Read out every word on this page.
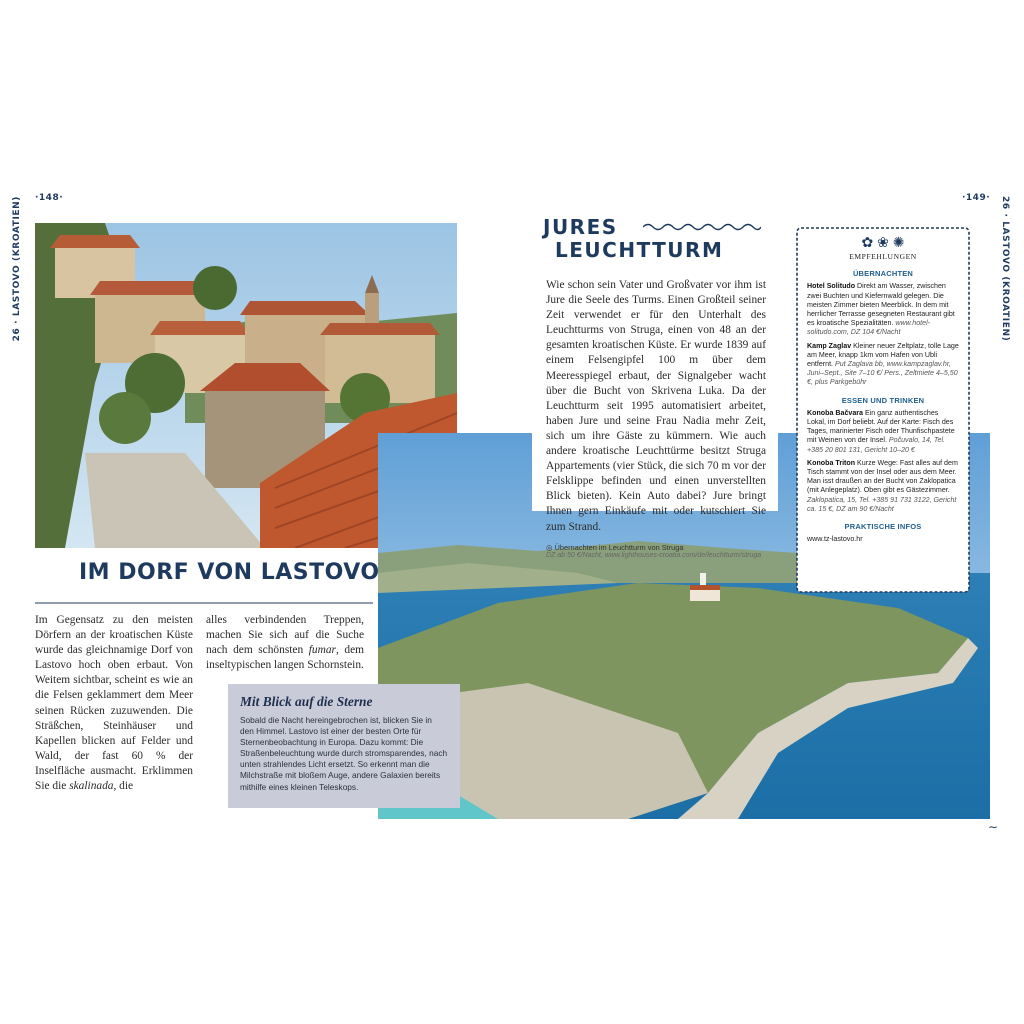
·148·	·149·
26 · LASTOVO (KROATIEN)	26 · LASTOVO (KROATIEN)
Wie schon sein Vater und Großvater vor ihm ist Jure die Seele des Turms. Einen Großteil seiner Zeit verwendet er für den Unterhalt des Leuchtturms von Struga, einen von 48 an der gesamten kroatischen Küste. Er wurde 1839 auf einem Felsengipfel 100 m über dem Meeresspiegel erbaut, der Signalgeber wacht über die Bucht von Skrivena Luka. Da der Leuchtturm seit 1995 automatisiert arbeitet, haben Jure und seine Frau Nadia mehr Zeit, sich um ihre Gäste zu kümmern. Wie auch andere kroatische Leuchttürme besitzt Struga Appartements (vier Stück, die sich 70 m vor der Felsklippe befinden und einen unverstellten Blick bieten). Kein Auto dabei? Jure bringt Ihnen gern Einkäufe mit oder kutschiert Sie zum Strand.
◎ Übernachten im Leuchtturm von Struga
DZ ab 50 €/Nacht, www.lighthouses-croatia.com/de/leuchtturm/struga
JURES
LEUCHTTURM
IM DORF VON LASTOVO
Im Gegensatz zu den meisten Dörfern an der kroatischen Küste wurde das gleichnamige Dorf von Lastovo hoch oben erbaut. Von Weitem sichtbar, scheint es wie an die Felsen geklammert dem Meer seinen Rücken zuzuwenden. Die Sträßchen, Steinhäuser und Kapellen blicken auf Felder und Wald, der fast 60 % der Inselfläche ausmacht. Erklimmen Sie die skalinada, die
alles verbindenden Treppen, machen Sie sich auf die Suche nach dem schönsten fumar, dem inseltypischen langen Schornstein.
Mit Blick auf die Sterne
Sobald die Nacht hereingebrochen ist, blicken Sie in den Himmel. Lastovo ist einer der besten Orte für Sternenbeobachtung in Europa. Dazu kommt: Die Straßenbeleuchtung wurde durch stromsparendes, nach unten strahlendes Licht ersetzt. So erkennt man die Milchstraße mit bloßem Auge, andere Galaxien bereits mithilfe eines kleinen Teleskops.
✿ ❀ ✺
EMPFEHLUNGEN
ÜBERNACHTEN
Hotel Solitudo Direkt am Wasser, zwischen zwei Buchten und Kiefernwald gelegen. Die meisten Zimmer bieten Meerblick. In dem mit herrlicher Terrasse gesegneten Restaurant gibt es kroatische Spezialitäten. www.hotel-solitudo.com, DZ 104 €/Nacht
Kamp Zaglav Kleiner neuer Zeltplatz, tolle Lage am Meer, knapp 1km vom Hafen von Ubli entfernt. Put Zaglava bb, www.kampzaglav.hr, Juni–Sept., Site 7–10 €/ Pers., Zeltmiete 4–5,50 €, plus Parkgebühr
ESSEN UND TRINKEN
Konoba Bačvara Ein ganz authentisches Lokal, im Dorf beliebt. Auf der Karte: Fisch des Tages, marinierter Fisch oder Thunfischpastete mit Weinen von der Insel. Počuvalo, 14, Tel. +385 20 801 131, Gericht 10–20 €
Konoba Triton Kurze Wege: Fast alles auf dem Tisch stammt von der Insel oder aus dem Meer. Man isst draußen an der Bucht von Zaklopatica (mit Anlegeplatz). Oben gibt es Gästezimmer. Zaklopatica, 15, Tel. +385 91 731 3122, Gericht ca. 15 €, DZ am 90 €/Nacht
PRAKTISCHE INFOS
www.tz-lastovo.hr
∼
